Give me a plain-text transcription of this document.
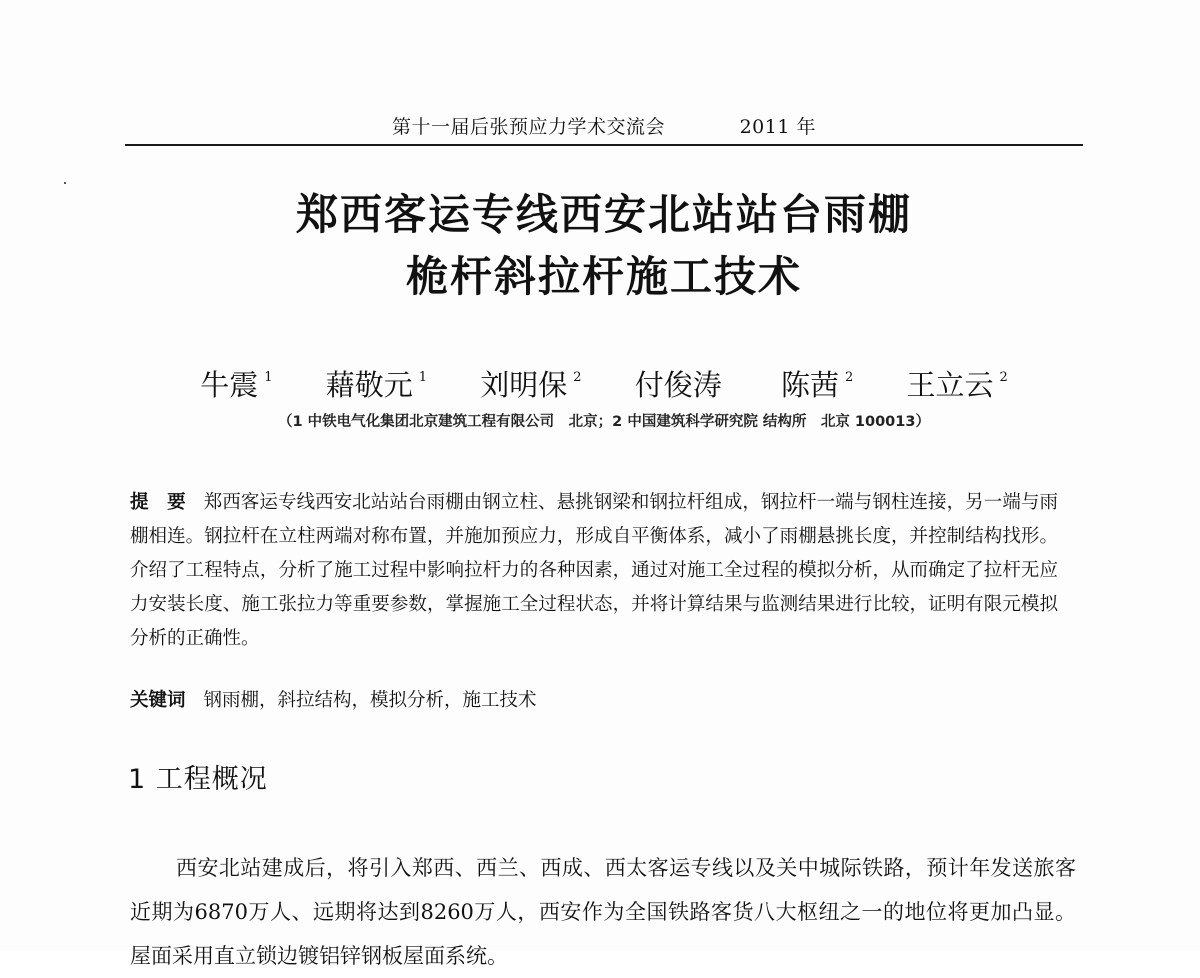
第十一届后张预应力学术交流会	2011 年
郑西客运专线西安北站站台雨棚
桅杆斜拉杆施工技术
牛震 $^1$ 藉敬元 $^1$ 刘明保 $^2$ 付俊涛 陈茜 $^2$ 王立云 $^2$
（1 中铁电气化集团北京建筑工程有限公司　北京；2 中国建筑科学研究院 结构所　北京 100013）
提　要 郑西客运专线西安北站站台雨棚由钢立柱、悬挑钢梁和钢拉杆组成，钢拉杆一端与钢柱连接，另一端与雨棚相连。钢拉杆在立柱两端对称布置，并施加预应力，形成自平衡体系，减小了雨棚悬挑长度，并控制结构找形。介绍了工程特点，分析了施工过程中影响拉杆力的各种因素，通过对施工全过程的模拟分析，从而确定了拉杆无应力安装长度、施工张拉力等重要参数，掌握施工全过程状态，并将计算结果与监测结果进行比较，证明有限元模拟分析的正确性。
关键词 钢雨棚，斜拉结构，模拟分析，施工技术
1 工程概况
西安北站建成后，将引入郑西、西兰、西成、西太客运专线以及关中城际铁路，预计年发送旅客近期为6870万人、远期将达到8260万人，西安作为全国铁路客货八大枢纽之一的地位将更加凸显。屋面采用直立锁边镀铝锌钢板屋面系统。
